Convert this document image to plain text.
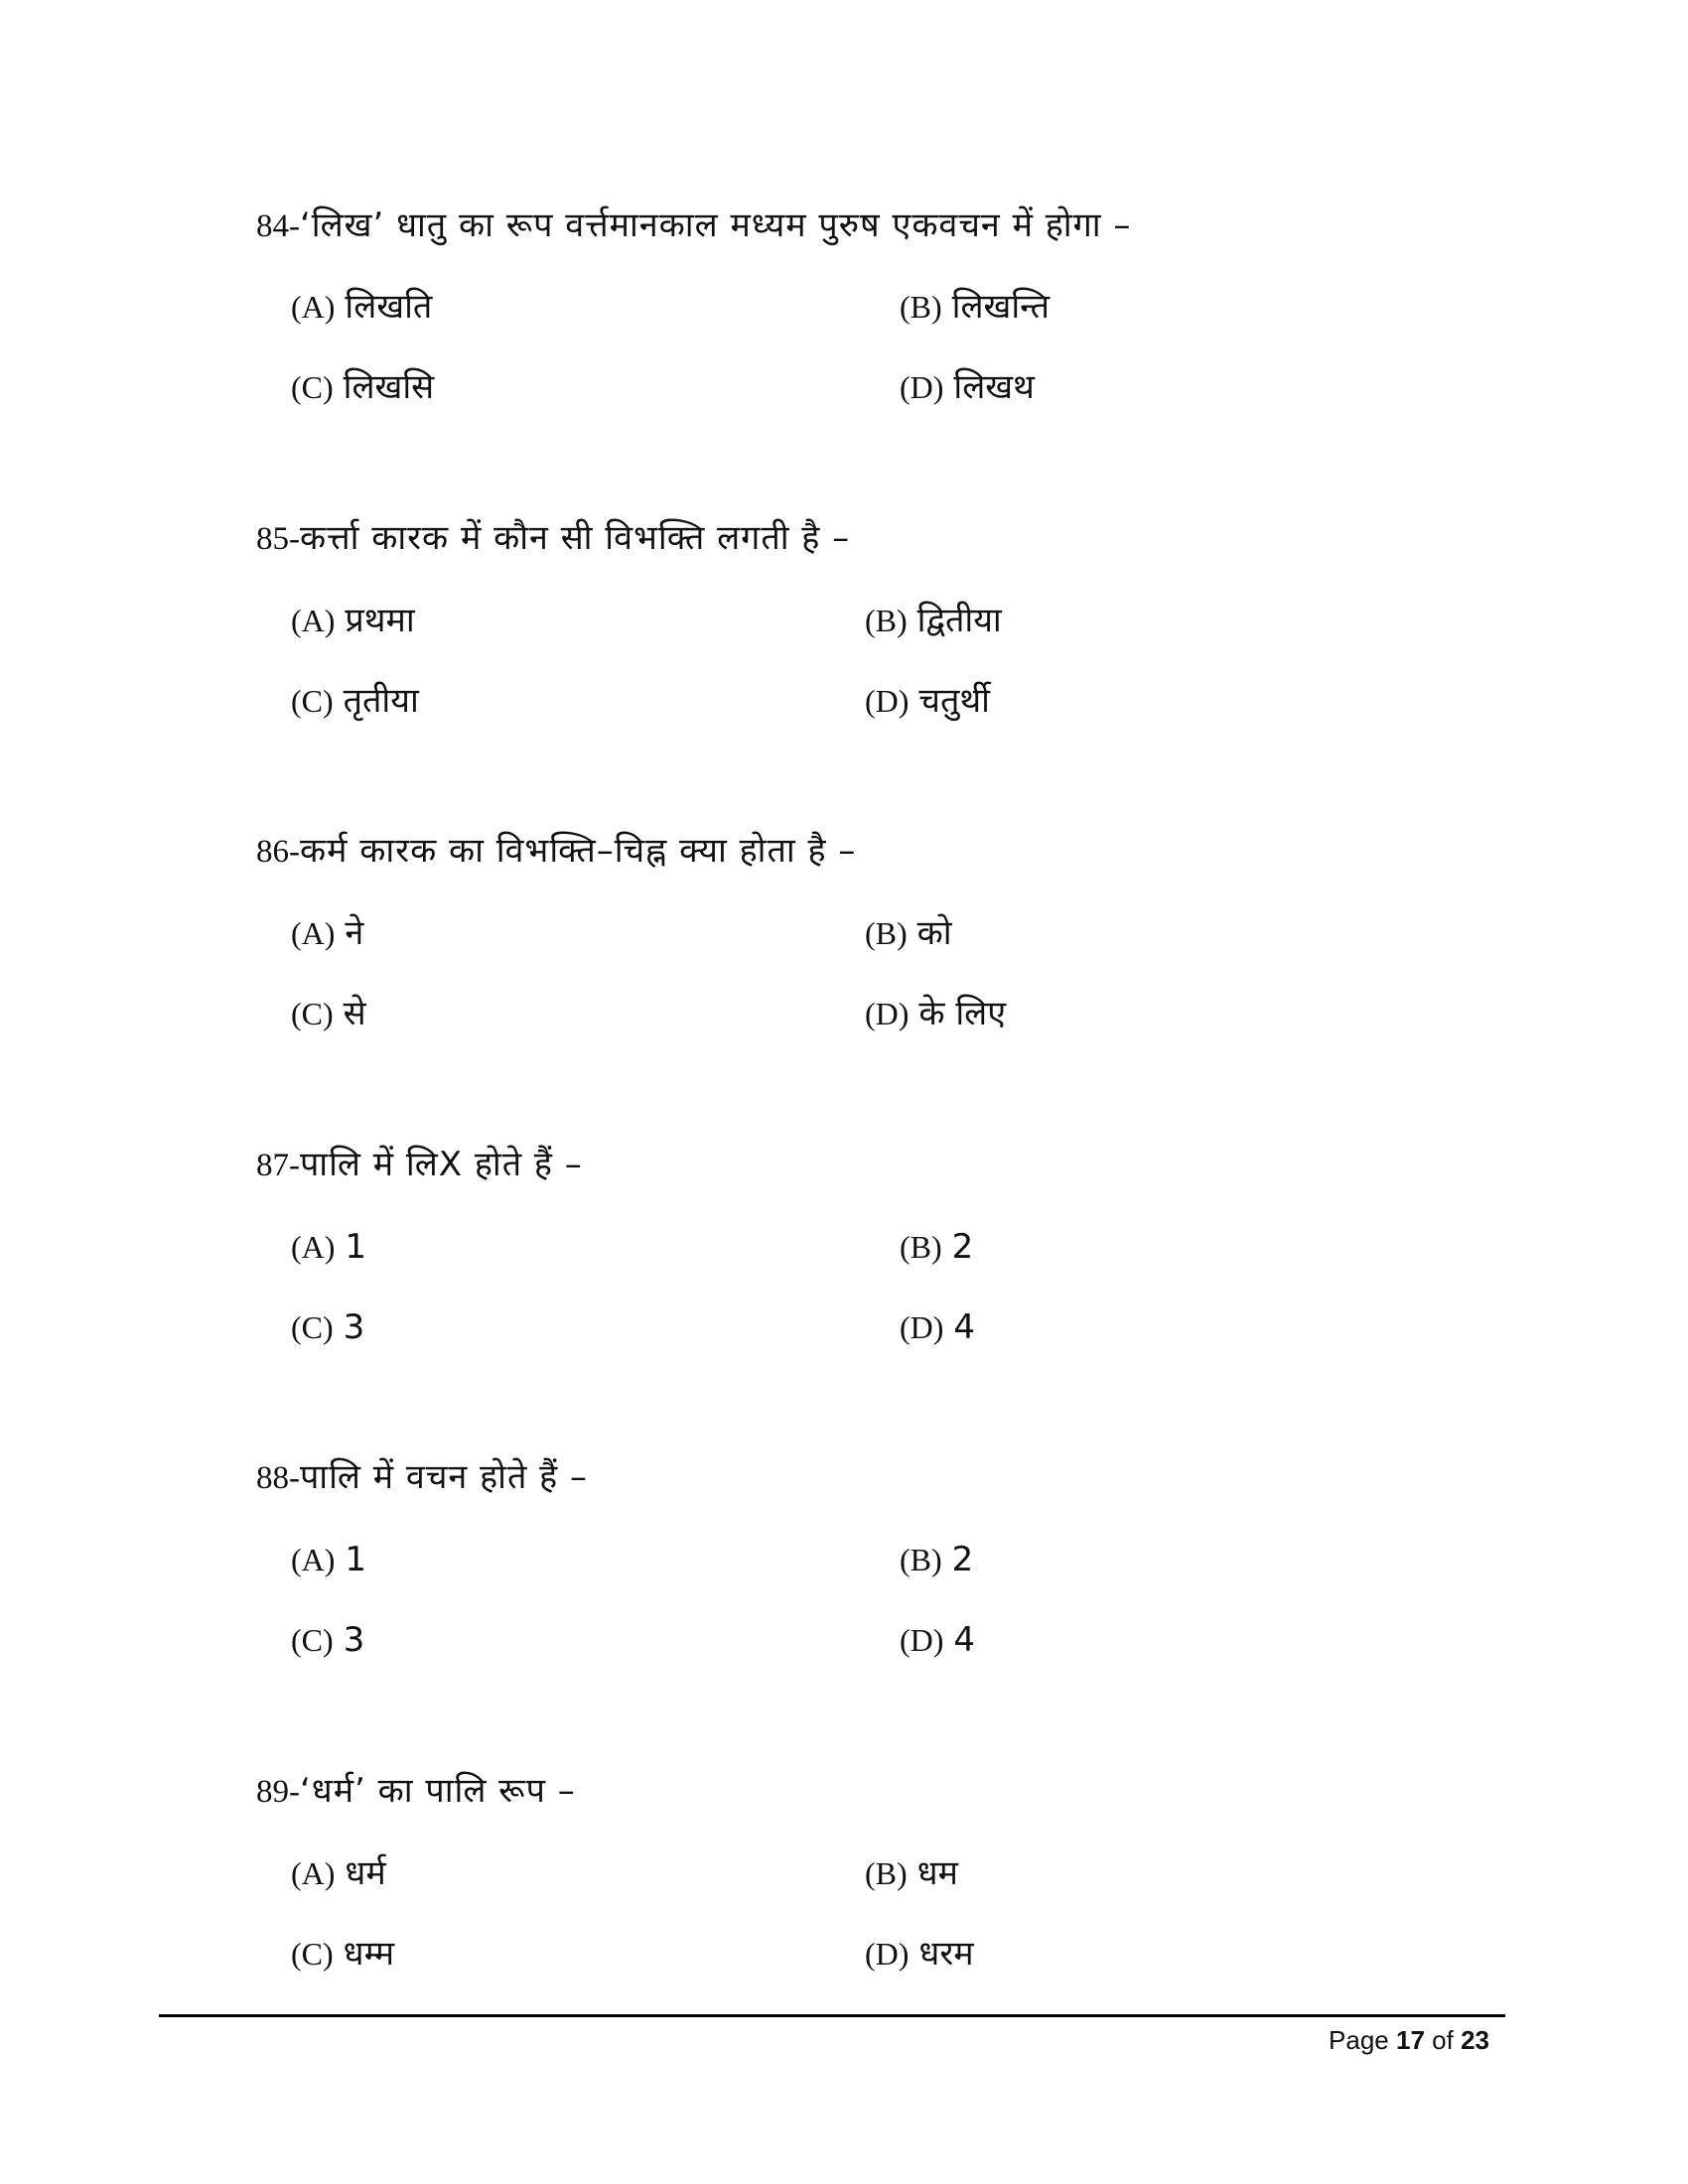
84-‘लिख’ धातु का रूप वर्त्तमानकाल मध्यम पुरुष एकवचन में होगा –
(A) लिखति	(B) लिखन्ति
(C) लिखसि	(D) लिखथ
85-कर्त्ता कारक में कौन सी विभक्ति लगती है –
(A) प्रथमा	(B) द्वितीया
(C) तृतीया	(D) चतुर्थी
86-कर्म कारक का विभक्ति–चिह्न क्या होता है –
(A) ने	(B) को
(C) से	(D) के लिए
87-पालि में लिX होते हैं –
(A) 1	(B) 2
(C) 3	(D) 4
88-पालि में वचन होते हैं –
(A) 1	(B) 2
(C) 3	(D) 4
89-‘धर्म’ का पालि रूप –
(A) धर्म	(B) धम
(C) धम्म	(D) धरम
Page 17 of 23
